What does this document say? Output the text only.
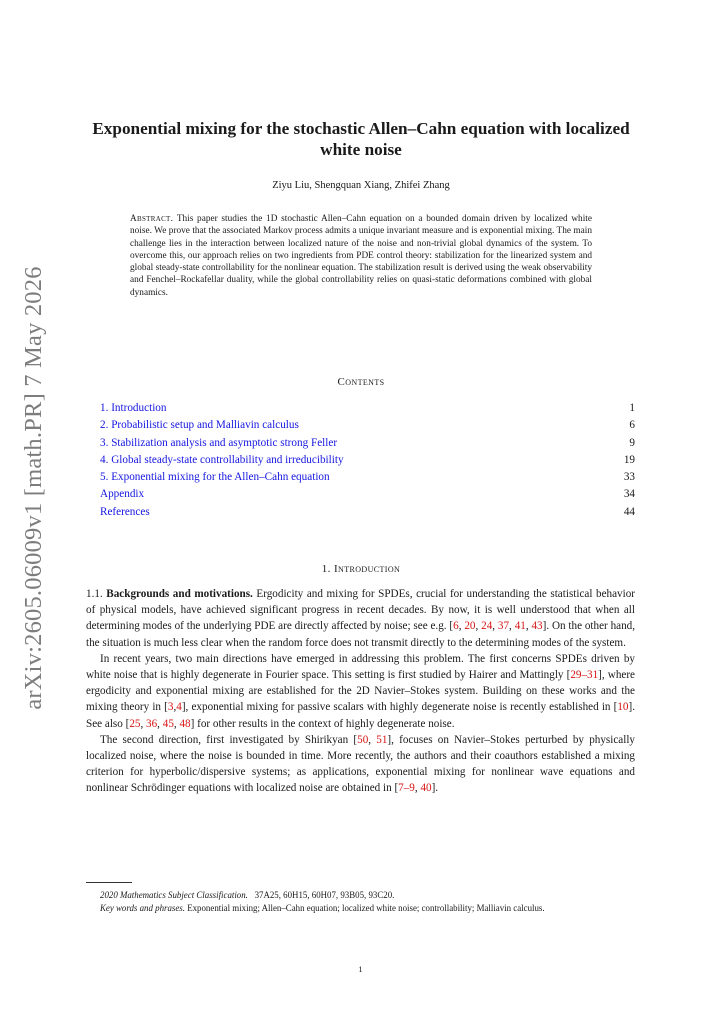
arXiv:2605.06009v1 [math.PR] 7 May 2026
Exponential mixing for the stochastic Allen–Cahn equation with localized white noise
Ziyu Liu, Shengquan Xiang, Zhifei Zhang
Abstract. This paper studies the 1D stochastic Allen–Cahn equation on a bounded domain driven by localized white noise. We prove that the associated Markov process admits a unique invariant measure and is exponential mixing. The main challenge lies in the interaction between localized nature of the noise and non-trivial global dynamics of the system. To overcome this, our approach relies on two ingredients from PDE control theory: stabilization for the linearized system and global steady-state controllability for the nonlinear equation. The stabilization result is derived using the weak observability and Fenchel–Rockafellar duality, while the global controllability relies on quasi-static deformations combined with global dynamics.
Contents
1. Introduction	1
2. Probabilistic setup and Malliavin calculus	6
3. Stabilization analysis and asymptotic strong Feller	9
4. Global steady-state controllability and irreducibility	19
5. Exponential mixing for the Allen–Cahn equation	33
Appendix	34
References	44
1. Introduction

1.1. Backgrounds and motivations. Ergodicity and mixing for SPDEs, crucial for understanding the statistical behavior of physical models, have achieved significant progress in recent decades. By now, it is well understood that when all determining modes of the underlying PDE are directly affected by noise; see e.g. [6, 20, 24, 37, 41, 43]. On the other hand, the situation is much less clear when the random force does not transmit directly to the determining modes of the system.

In recent years, two main directions have emerged in addressing this problem. The first concerns SPDEs driven by white noise that is highly degenerate in Fourier space. This setting is first studied by Hairer and Mattingly [29–31], where ergodicity and exponential mixing are established for the 2D Navier–Stokes system. Building on these works and the mixing theory in [3,4], exponential mixing for passive scalars with highly degenerate noise is recently established in [10]. See also [25, 36, 45, 48] for other results in the context of highly degenerate noise.

The second direction, first investigated by Shirikyan [50, 51], focuses on Navier–Stokes perturbed by physically localized noise, where the noise is bounded in time. More recently, the authors and their coauthors established a mixing criterion for hyperbolic/dispersive systems; as applications, exponential mixing for nonlinear wave equations and nonlinear Schrödinger equations with localized noise are obtained in [7–9, 40].

2020 Mathematics Subject Classification. 37A25, 60H15, 60H07, 93B05, 93C20.

Key words and phrases. Exponential mixing; Allen–Cahn equation; localized white noise; controllability; Malliavin calculus.

1
